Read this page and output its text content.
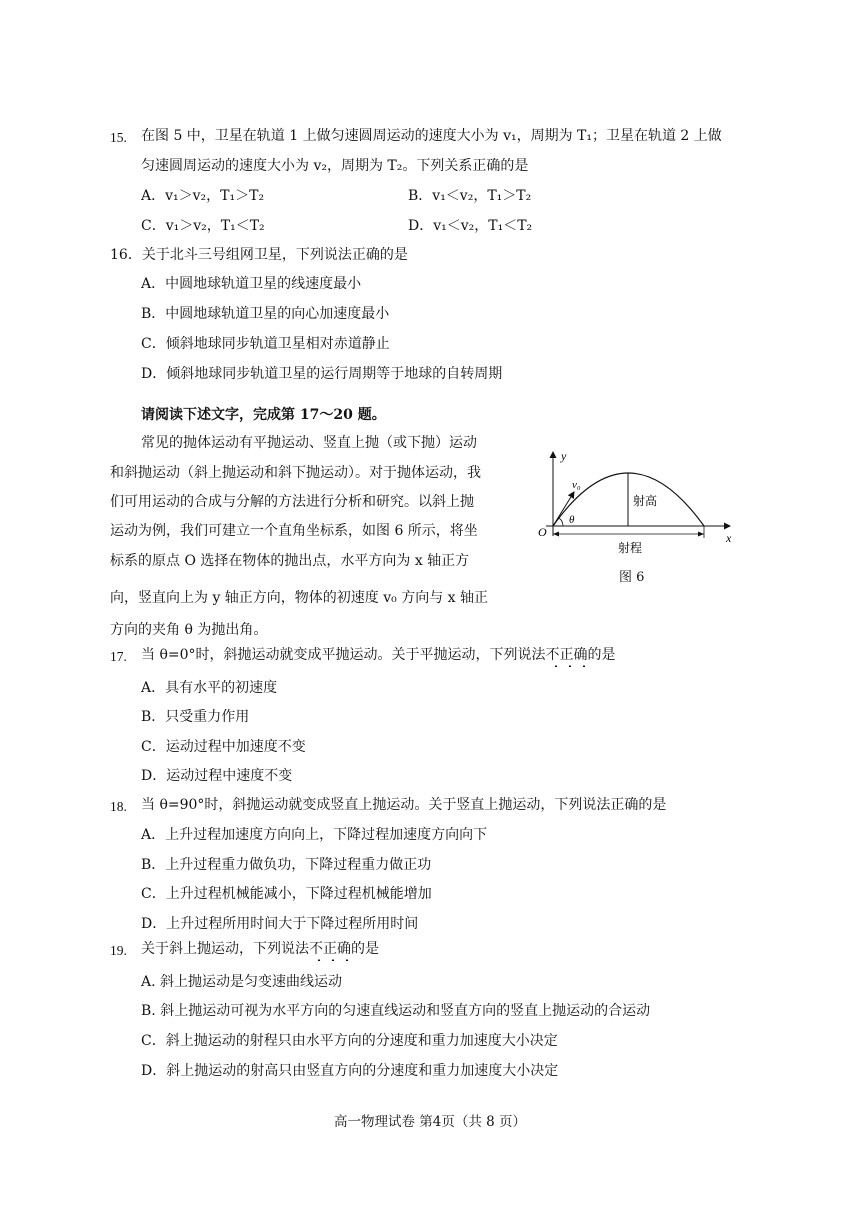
15. 在图 5 中，卫星在轨道 1 上做匀速圆周运动的速度大小为 v₁，周期为 T₁；卫星在轨道 2 上做
匀速圆周运动的速度大小为 v₂，周期为 T₂。下列关系正确的是
A．v₁＞v₂，T₁＞T₂	B．v₁＜v₂，T₁＞T₂
C．v₁＞v₂，T₁＜T₂	D．v₁＜v₂，T₁＜T₂
16．关于北斗三号组网卫星，下列说法正确的是
A．中圆地球轨道卫星的线速度最小
B．中圆地球轨道卫星的向心加速度最小
C．倾斜地球同步轨道卫星相对赤道静止
D．倾斜地球同步轨道卫星的运行周期等于地球的自转周期
请阅读下述文字，完成第 17～20 题。
常见的抛体运动有平抛运动、竖直上抛（或下抛）运动
和斜抛运动（斜上抛运动和斜下抛运动）。对于抛体运动，我
们可用运动的合成与分解的方法进行分析和研究。以斜上抛
运动为例，我们可建立一个直角坐标系，如图 6 所示，将坐
标系的原点 O 选择在物体的抛出点，水平方向为 x 轴正方
向，竖直向上为 y 轴正方向，物体的初速度 v₀ 方向与 x 轴正
方向的夹角 θ 为抛出角。
y
x
O
v₀
θ
射高
射程
图 6
17. 当 θ=0°时，斜抛运动就变成平抛运动。关于平抛运动，下列说法不正确的是
A．具有水平的初速度
B．只受重力作用
C．运动过程中加速度不变
D．运动过程中速度不变
18. 当 θ=90°时，斜抛运动就变成竖直上抛运动。关于竖直上抛运动，下列说法正确的是
A．上升过程加速度方向向上，下降过程加速度方向向下
B．上升过程重力做负功，下降过程重力做正功
C．上升过程机械能减小，下降过程机械能增加
D．上升过程所用时间大于下降过程所用时间
19. 关于斜上抛运动，下列说法不正确的是
A. 斜上抛运动是匀变速曲线运动
B. 斜上抛运动可视为水平方向的匀速直线运动和竖直方向的竖直上抛运动的合运动
C．斜上抛运动的射程只由水平方向的分速度和重力加速度大小决定
D．斜上抛运动的射高只由竖直方向的分速度和重力加速度大小决定
高一物理试卷 第4页（共 8 页）
